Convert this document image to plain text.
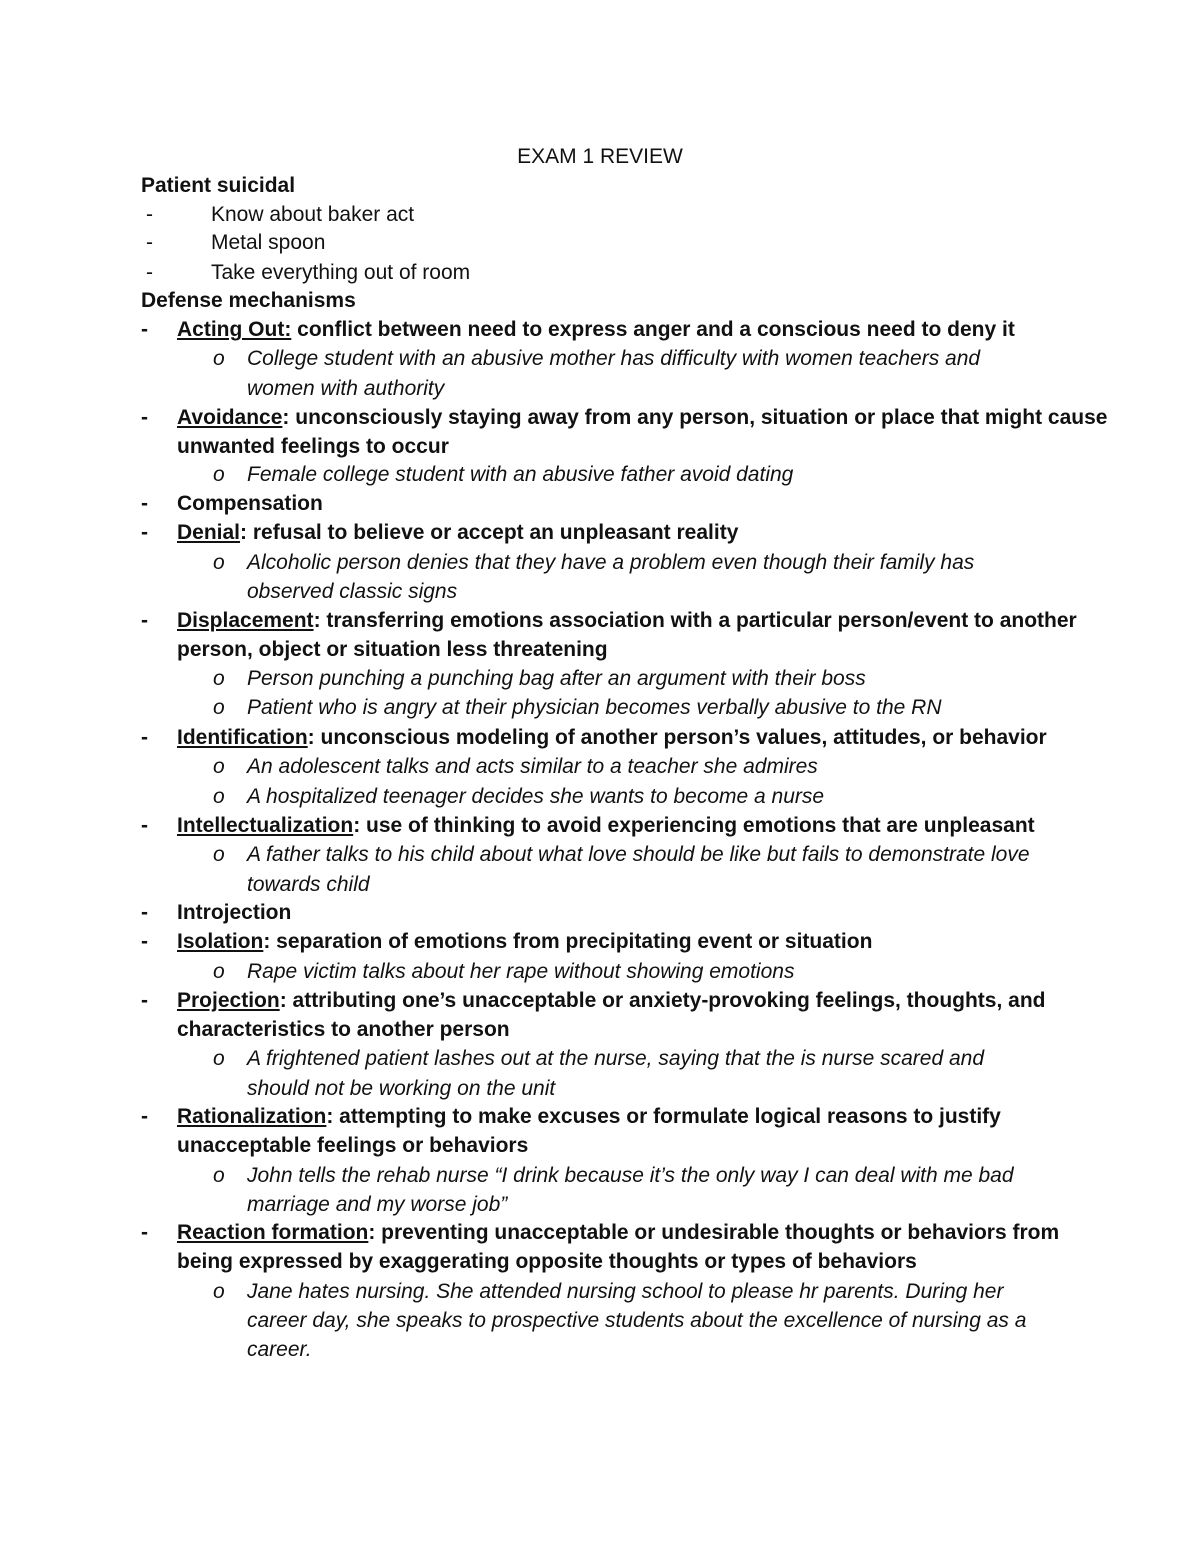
EXAM 1 REVIEW
Patient suicidal
-	Know about baker act
-	Metal spoon
-	Take everything out of room
Defense mechanisms
- Acting Out: conflict between need to express anger and a conscious need to deny it
o College student with an abusive mother has difficulty with women teachers and
women with authority
- Avoidance: unconsciously staying away from any person, situation or place that might cause
unwanted feelings to occur
o Female college student with an abusive father avoid dating
- Compensation
- Denial: refusal to believe or accept an unpleasant reality
o Alcoholic person denies that they have a problem even though their family has
observed classic signs
- Displacement: transferring emotions association with a particular person/event to another
person, object or situation less threatening
o Person punching a punching bag after an argument with their boss
o Patient who is angry at their physician becomes verbally abusive to the RN
- Identification: unconscious modeling of another person’s values, attitudes, or behavior
o An adolescent talks and acts similar to a teacher she admires
o A hospitalized teenager decides she wants to become a nurse
- Intellectualization: use of thinking to avoid experiencing emotions that are unpleasant
o A father talks to his child about what love should be like but fails to demonstrate love
towards child
- Introjection
- Isolation: separation of emotions from precipitating event or situation
o Rape victim talks about her rape without showing emotions
- Projection: attributing one’s unacceptable or anxiety-provoking feelings, thoughts, and
characteristics to another person
o A frightened patient lashes out at the nurse, saying that the is nurse scared and
should not be working on the unit
- Rationalization: attempting to make excuses or formulate logical reasons to justify
unacceptable feelings or behaviors
o John tells the rehab nurse “I drink because it’s the only way I can deal with me bad
marriage and my worse job”
- Reaction formation: preventing unacceptable or undesirable thoughts or behaviors from
being expressed by exaggerating opposite thoughts or types of behaviors
o Jane hates nursing. She attended nursing school to please hr parents. During her
career day, she speaks to prospective students about the excellence of nursing as a
career.
